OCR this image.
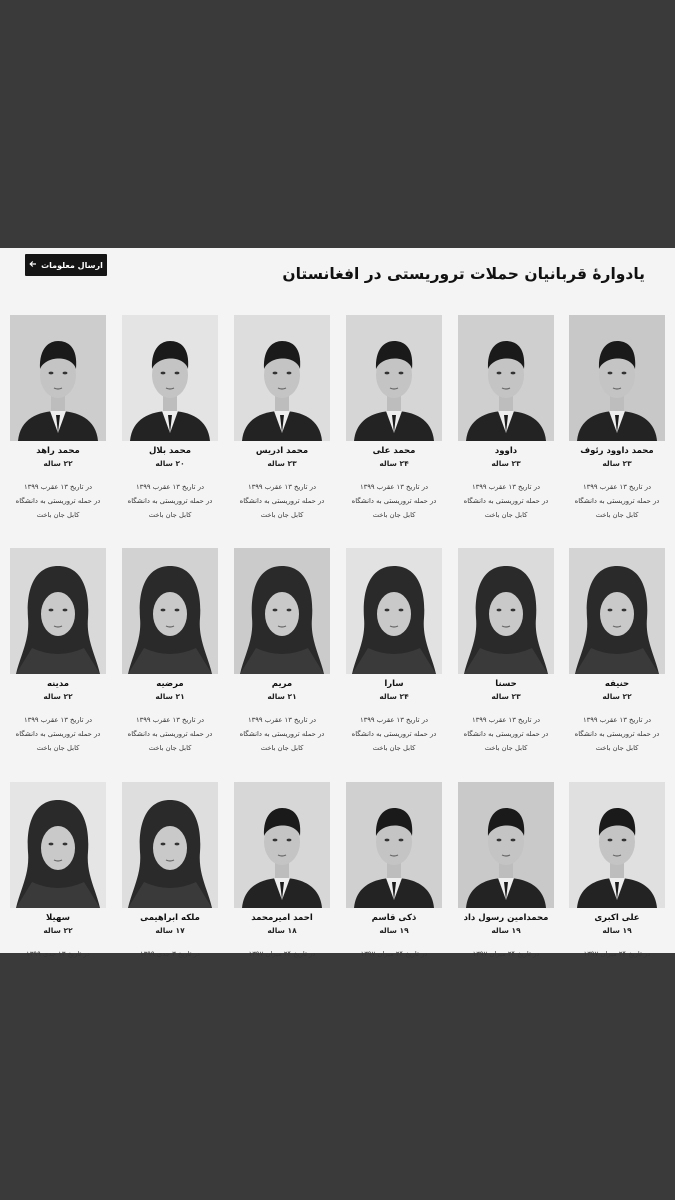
ارسال معلومات	یادوارهٔ قربانیان حملات تروریستی در افغانستان
محمد داوود رئوف
۲۳ ساله
در تاریخ ۱۳ عقرب ۱۳۹۹
در حمله تروریستی به دانشگاه
کابل جان باخت
داوود
۲۳ ساله
در تاریخ ۱۳ عقرب ۱۳۹۹
در حمله تروریستی به دانشگاه
کابل جان باخت
محمد علی
۲۴ ساله
در تاریخ ۱۳ عقرب ۱۳۹۹
در حمله تروریستی به دانشگاه
کابل جان باخت
محمد ادریس
۲۳ ساله
در تاریخ ۱۳ عقرب ۱۳۹۹
در حمله تروریستی به دانشگاه
کابل جان باخت
محمد بلال
۲۰ ساله
در تاریخ ۱۳ عقرب ۱۳۹۹
در حمله تروریستی به دانشگاه
کابل جان باخت
محمد راهد
۲۲ ساله
در تاریخ ۱۳ عقرب ۱۳۹۹
در حمله تروریستی به دانشگاه
کابل جان باخت
حنیفه
۲۲ ساله
در تاریخ ۱۳ عقرب ۱۳۹۹
در حمله تروریستی به دانشگاه
کابل جان باخت
حسنا
۲۳ ساله
در تاریخ ۱۳ عقرب ۱۳۹۹
در حمله تروریستی به دانشگاه
کابل جان باخت
سارا
۲۴ ساله
در تاریخ ۱۳ عقرب ۱۳۹۹
در حمله تروریستی به دانشگاه
کابل جان باخت
مریم
۲۱ ساله
در تاریخ ۱۳ عقرب ۱۳۹۹
در حمله تروریستی به دانشگاه
کابل جان باخت
مرضیه
۲۱ ساله
در تاریخ ۱۳ عقرب ۱۳۹۹
در حمله تروریستی به دانشگاه
کابل جان باخت
مدینه
۲۲ ساله
در تاریخ ۱۳ عقرب ۱۳۹۹
در حمله تروریستی به دانشگاه
کابل جان باخت
علی اکبری
۱۹ ساله
در تاریخ ۲۴ میزان ۱۳۹۷
محمدامین رسول داد
۱۹ ساله
در تاریخ ۲۴ میزان ۱۳۹۷
ذکی قاسم
۱۹ ساله
در تاریخ ۲۴ میزان ۱۳۹۷
احمد امیرمحمد
۱۸ ساله
در تاریخ ۲۴ میزان ۱۳۹۷
ملکه ابراهیمی
۱۷ ساله
در تاریخ ۳ جدی ۱۳۹۹
سهیلا
۲۲ ساله
در تاریخ ۱۳ جدی ۱۳۹۹
